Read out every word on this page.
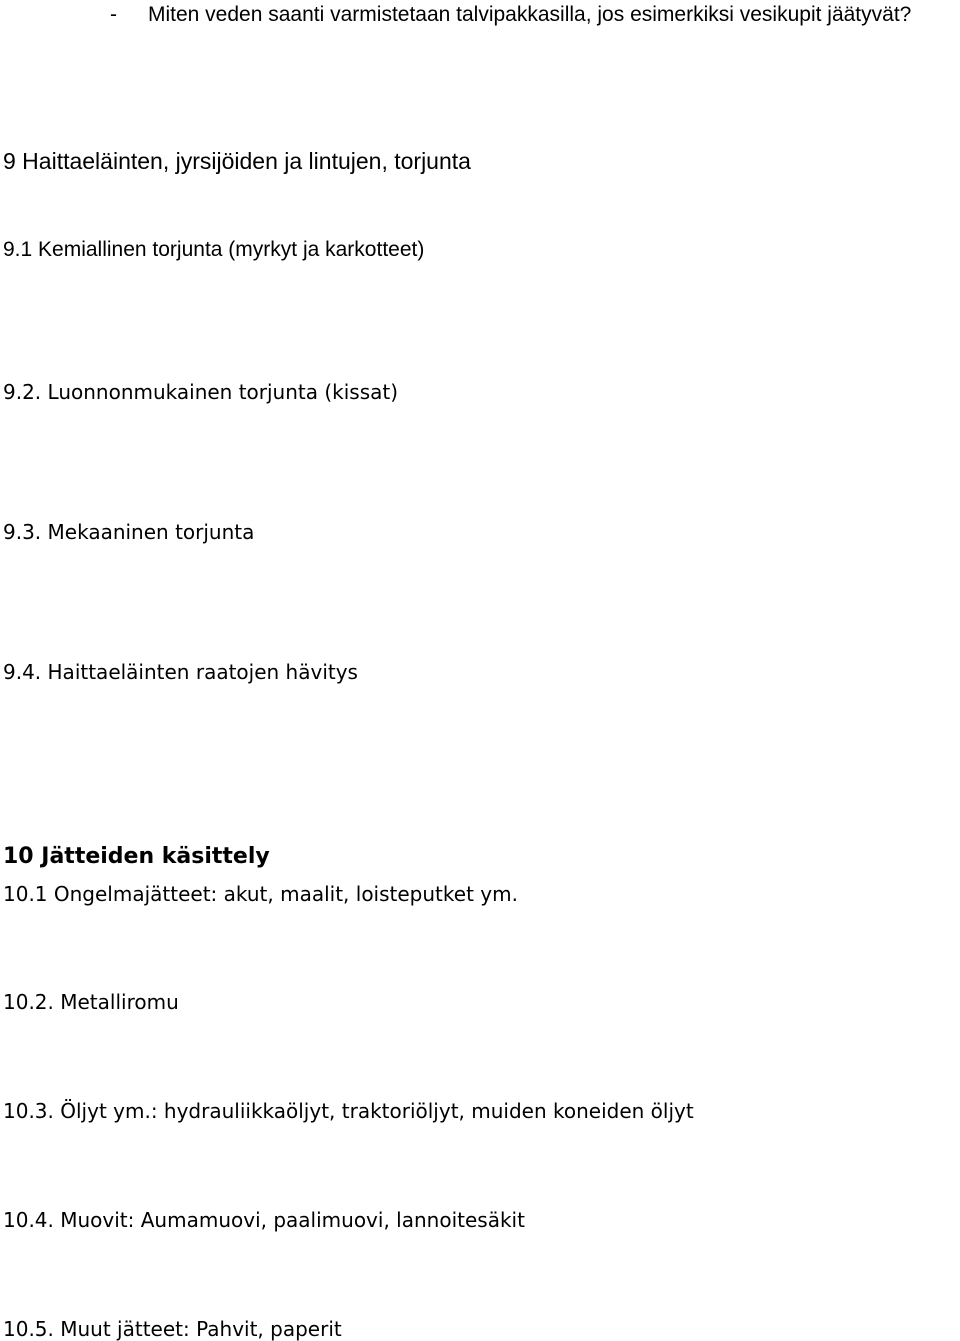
- Miten veden saanti varmistetaan talvipakkasilla, jos esimerkiksi vesikupit jäätyvät?
9 Haittaeläinten, jyrsijöiden ja lintujen, torjunta
9.1 Kemiallinen torjunta (myrkyt ja karkotteet)
9.2. Luonnonmukainen torjunta (kissat)
9.3. Mekaaninen torjunta
9.4. Haittaeläinten raatojen hävitys
10 Jätteiden käsittely
10.1 Ongelmajätteet: akut, maalit, loisteputket ym.
10.2. Metalliromu
10.3. Öljyt ym.: hydrauliikkaöljyt, traktoriöljyt, muiden koneiden öljyt
10.4. Muovit: Aumamuovi, paalimuovi, lannoitesäkit
10.5. Muut jätteet: Pahvit, paperit
